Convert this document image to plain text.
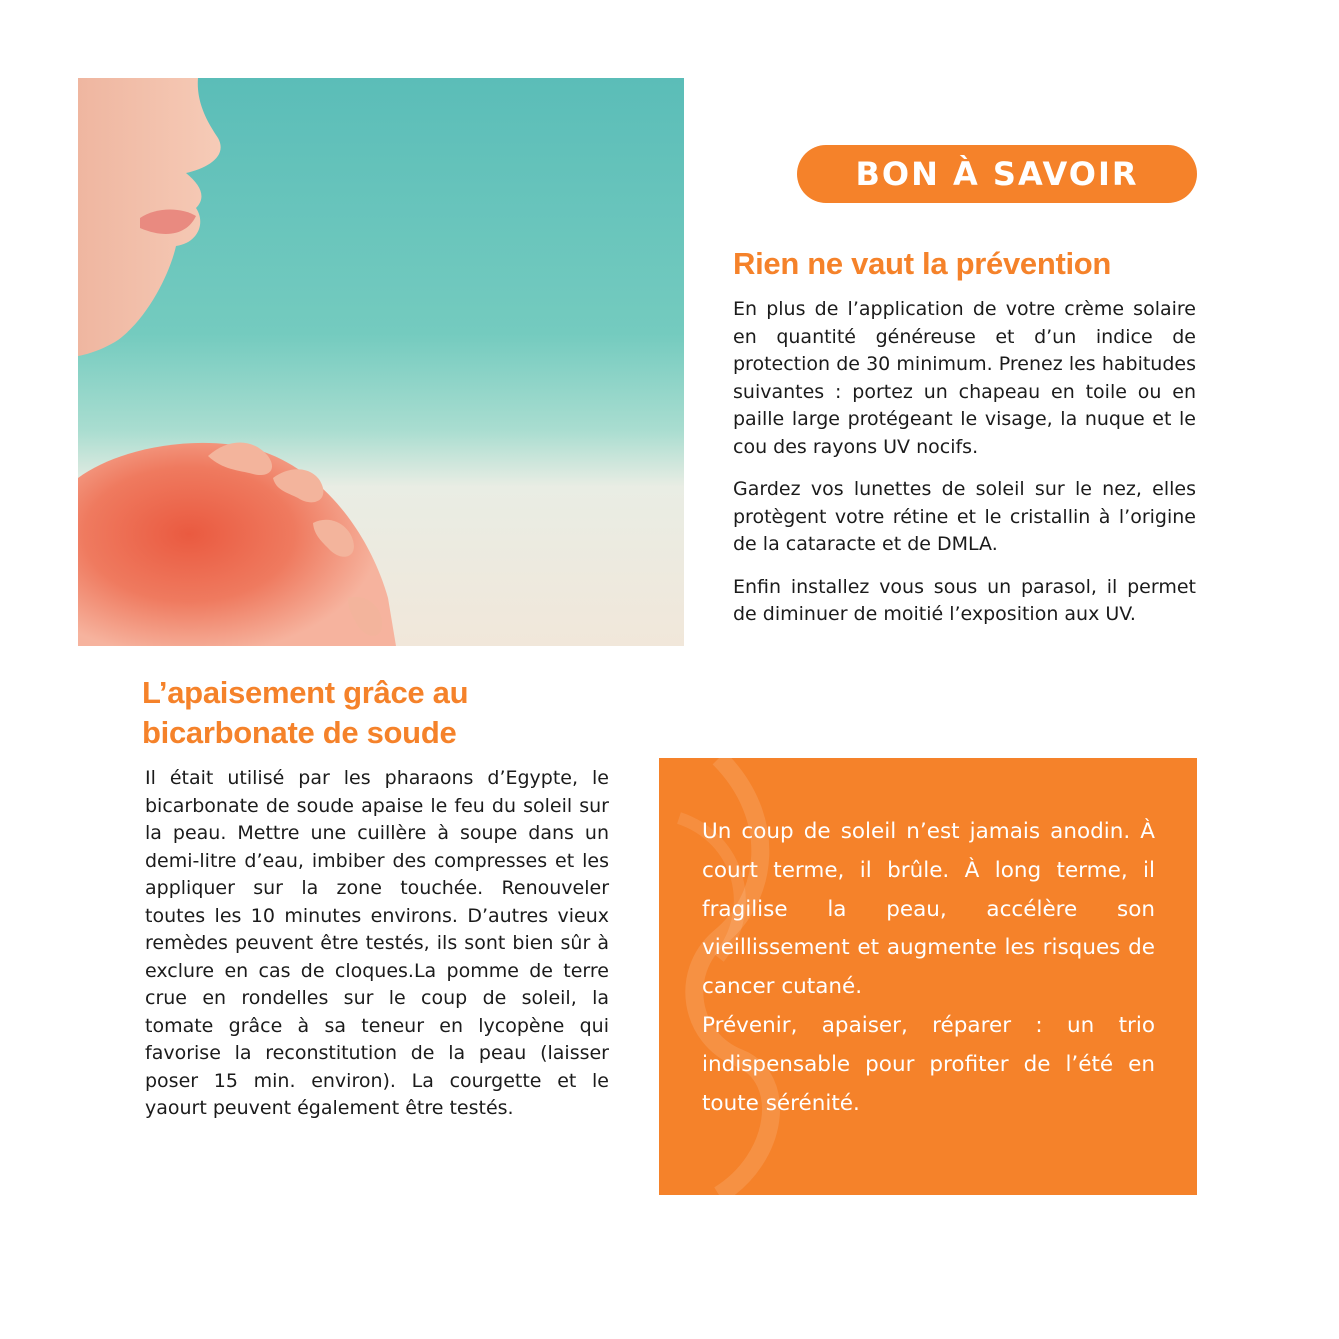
BON À SAVOIR
Rien ne vaut la prévention

En plus de l’application de votre crème solaire en quantité généreuse et d’un indice de protection de 30 minimum. Prenez les habitudes suivantes : portez un chapeau en toile ou en paille large protégeant le visage, la nuque et le cou des rayons UV nocifs.

Gardez vos lunettes de soleil sur le nez, elles protègent votre rétine et le cristallin à l’origine de la cataracte et de DMLA.

Enfin installez vous sous un parasol, il permet de diminuer de moitié l’exposition aux UV.

L’apaisement grâce au bicarbonate de soude

Il était utilisé par les pharaons d’Egypte, le bicarbonate de soude apaise le feu du soleil sur la peau. Mettre une cuillère à soupe dans un demi-litre d’eau, imbiber des compresses et les appliquer sur la zone touchée. Renouveler toutes les 10 minutes environs. D’autres vieux remèdes peuvent être testés, ils sont bien sûr à exclure en cas de cloques.La pomme de terre crue en rondelles sur le coup de soleil, la tomate grâce à sa teneur en lycopène qui favorise la reconstitution de la peau (laisser poser 15 min. environ). La courgette et le yaourt peuvent également être testés.

Un coup de soleil n’est jamais anodin. À court terme, il brûle. À long terme, il fragilise la peau, accélère son vieillissement et augmente les risques de cancer cutané.
Prévenir, apaiser, réparer : un trio indispensable pour profiter de l’été en toute sérénité.
